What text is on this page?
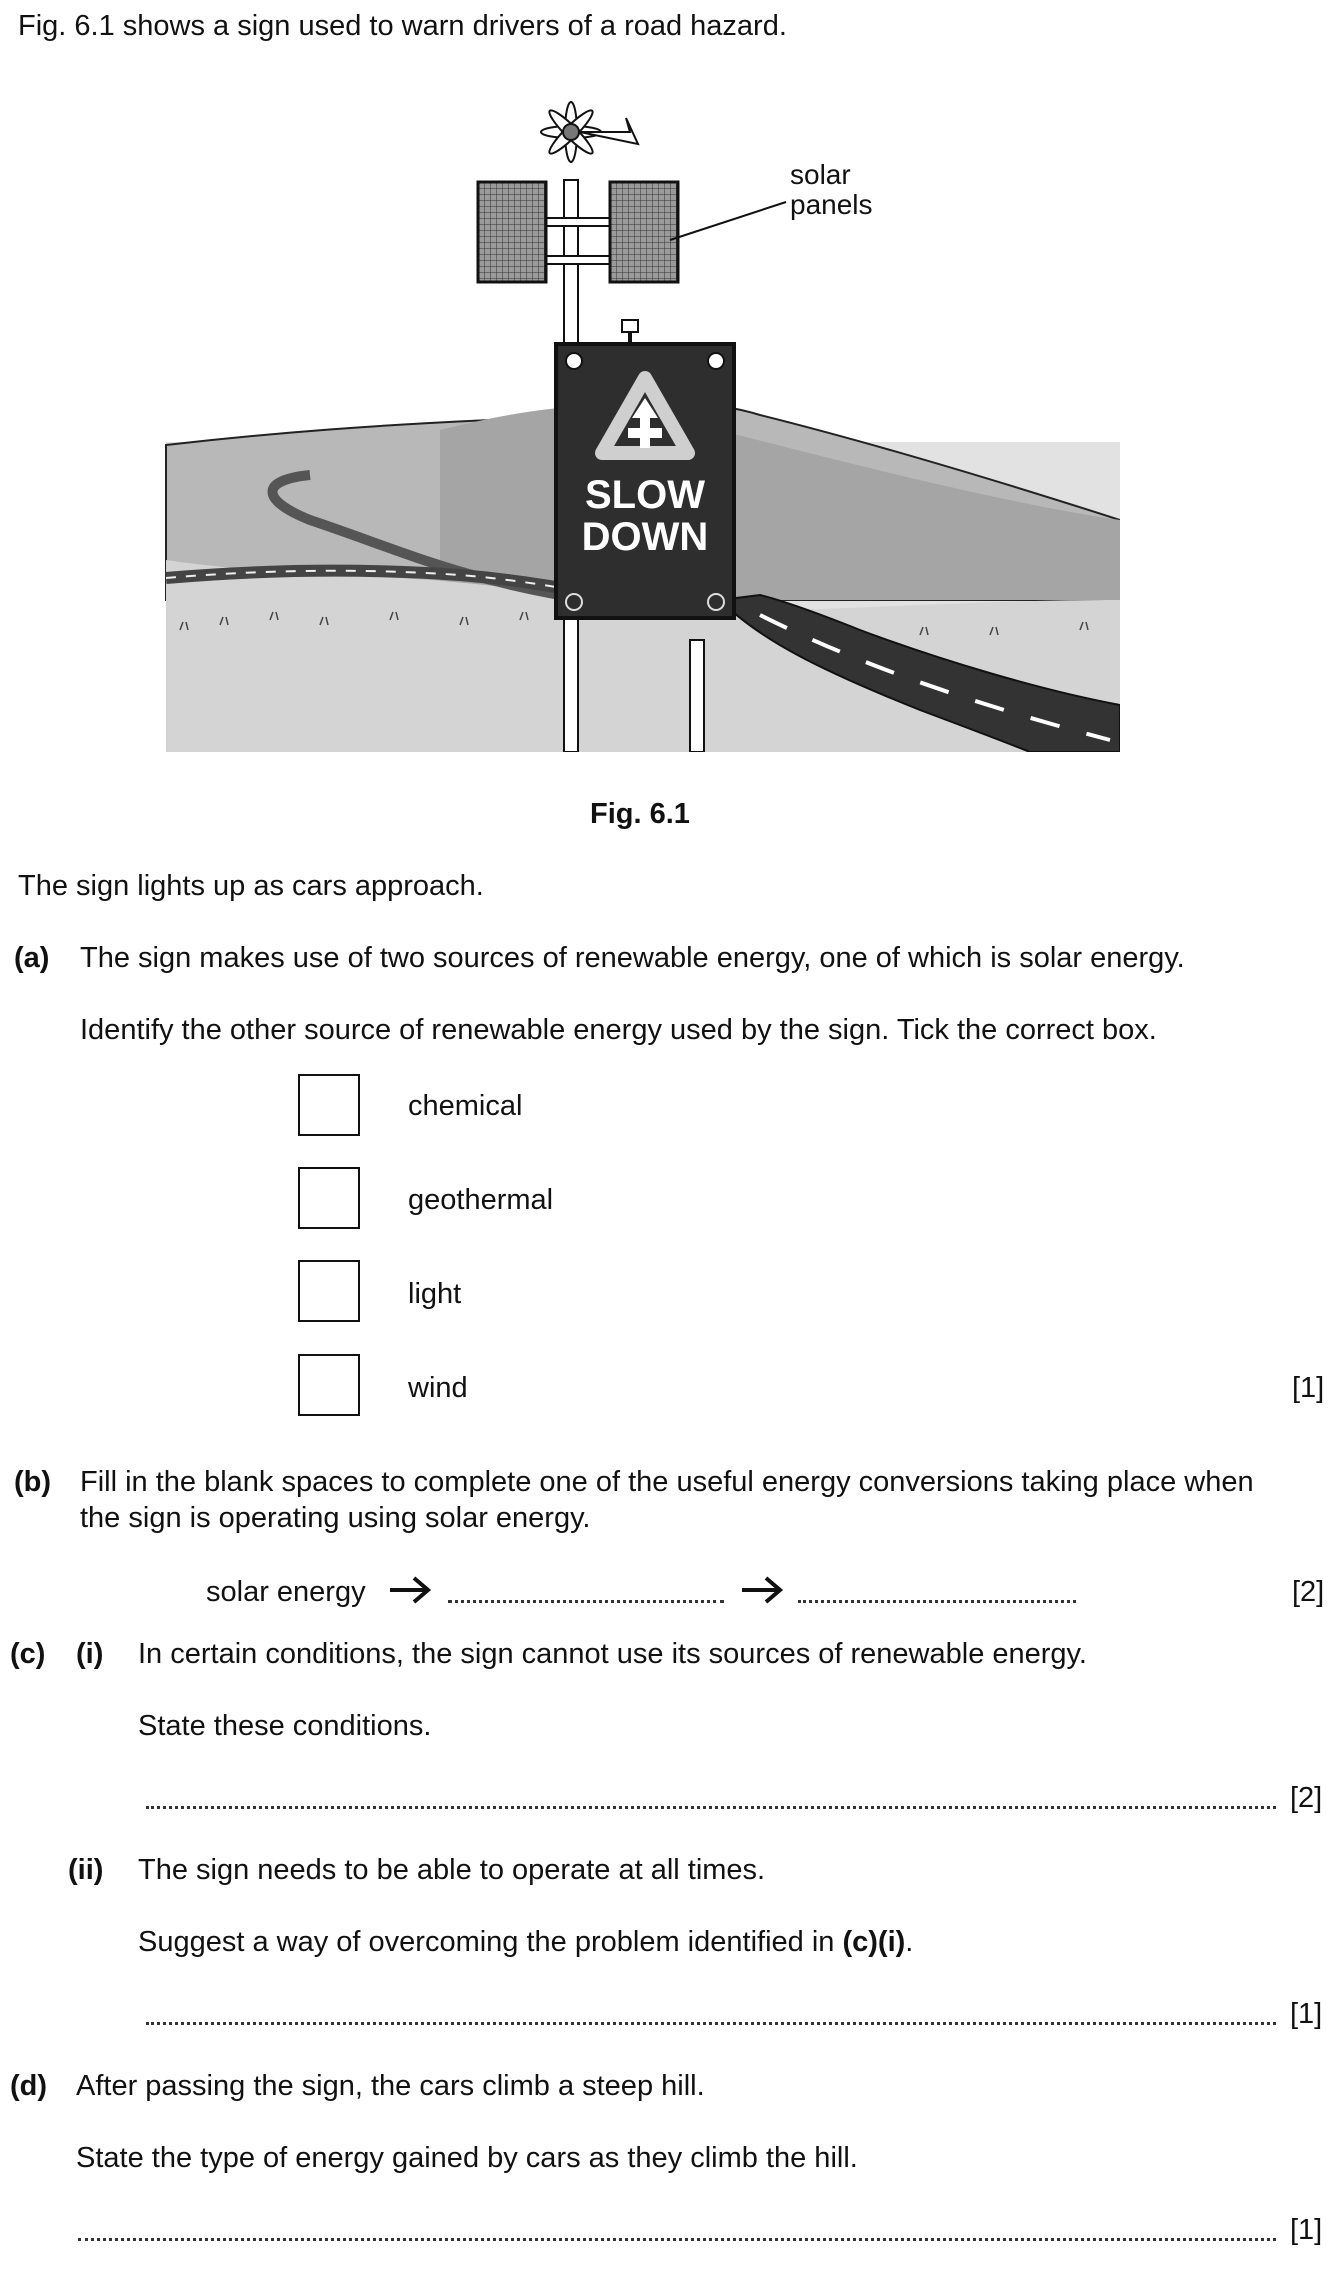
Fig. 6.1 shows a sign used to warn drivers of a road hazard.
SLOW
DOWN
solar
panels
Fig. 6.1
The sign lights up as cars approach.
(a) The sign makes use of two sources of renewable energy, one of which is solar energy.
Identify the other source of renewable energy used by the sign. Tick the correct box.
chemical
geothermal
light
wind	[1]
(b) Fill in the blank spaces to complete one of the useful energy conversions taking place when
the sign is operating using solar energy.
solar energy	[2]
(c) (i) In certain conditions, the sign cannot use its sources of renewable energy.
State these conditions.
[2]
(ii) The sign needs to be able to operate at all times.
Suggest a way of overcoming the problem identified in (c)(i).
[1]
(d) After passing the sign, the cars climb a steep hill.
State the type of energy gained by cars as they climb the hill.
[1]
